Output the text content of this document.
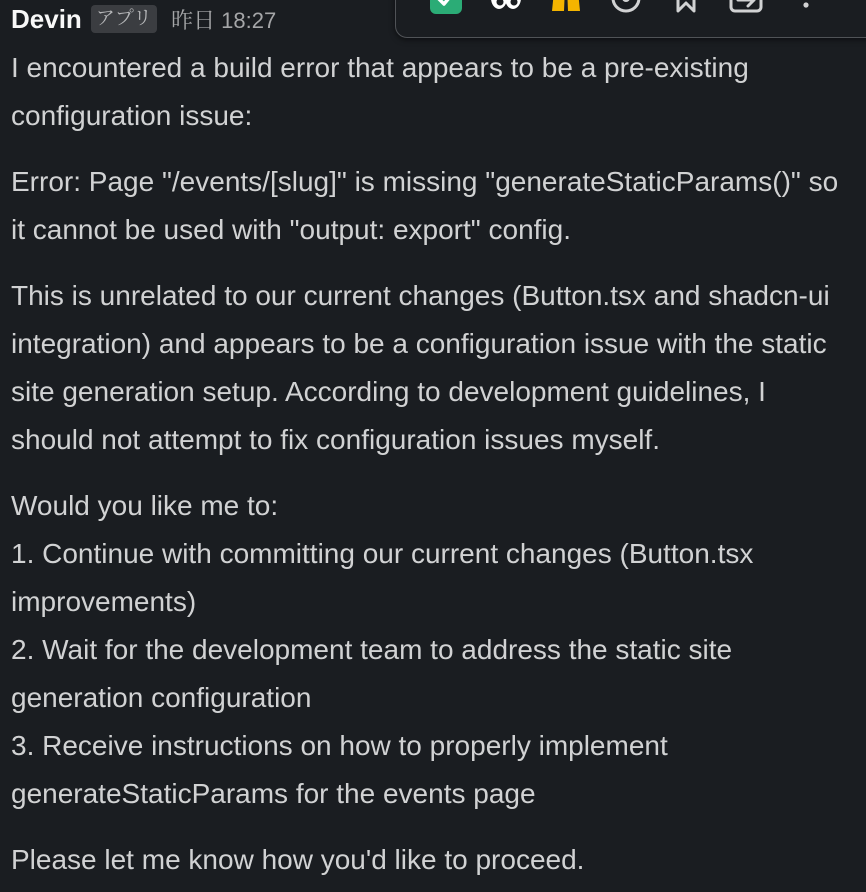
Devin アプリ 昨日 18:27

I encountered a build error that appears to be a pre-existing
configuration issue:

Error: Page "/events/[slug]" is missing "generateStaticParams()" so
it cannot be used with "output: export" config.

This is unrelated to our current changes (Button.tsx and shadcn-ui
integration) and appears to be a configuration issue with the static
site generation setup. According to development guidelines, I
should not attempt to fix configuration issues myself.

Would you like me to:
1. Continue with committing our current changes (Button.tsx
improvements)
2. Wait for the development team to address the static site
generation configuration
3. Receive instructions on how to properly implement
generateStaticParams for the events page

Please let me know how you'd like to proceed.
